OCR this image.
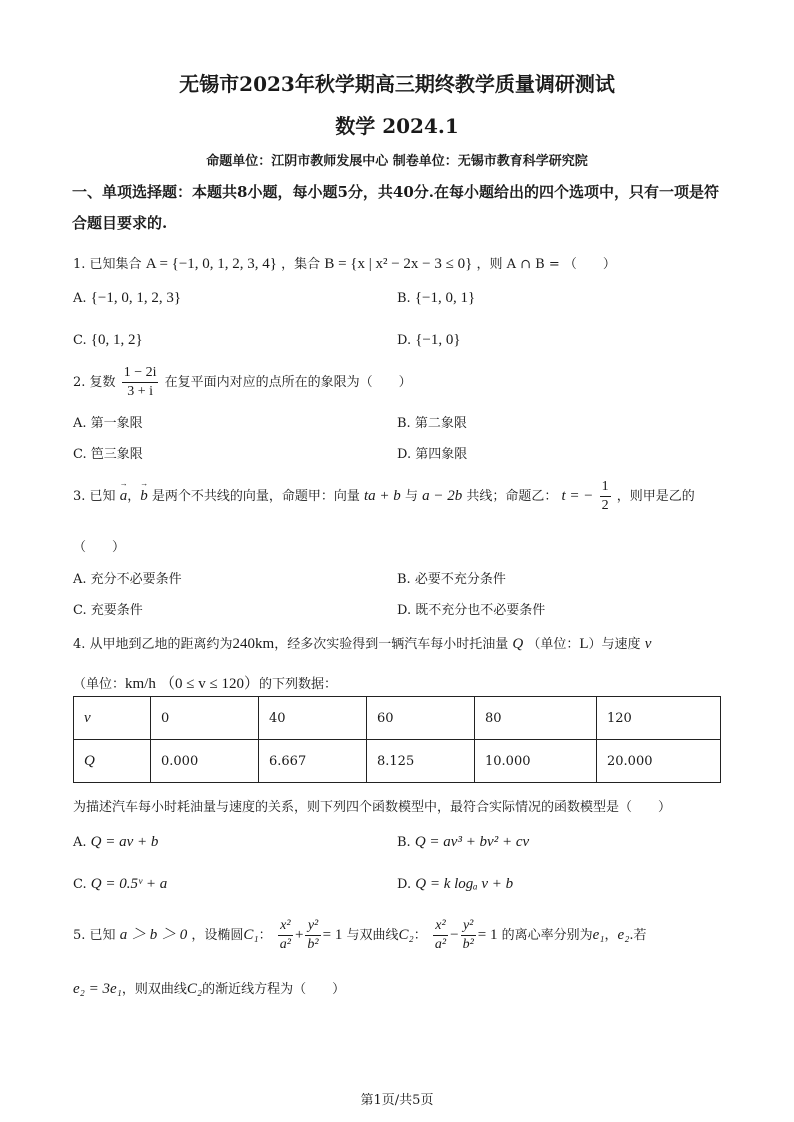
无锡市2023年秋学期高三期终教学质量调研测试
数学 2024.1
命题单位：江阴市教师发展中心 制卷单位：无锡市教育科学研究院
一、单项选择题：本题共8小题，每小题5分，共40分.在每小题给出的四个选项中，只有一项是符合题目要求的.
1. 已知集合 A = {−1, 0, 1, 2, 3, 4} ，集合 B = {x | x² − 2x − 3 ≤ 0} ，则 A ∩ B = （　　）
A. {−1, 0, 1, 2, 3}	B. {−1, 0, 1}
C. {0, 1, 2}	D. {−1, 0}
2. 复数 $\frac{1 - 2i}{3 + i}$ 在复平面内对应的点所在的象限为（　　）
A. 第一象限	B. 第二象限
C. 笆三象限	D. 第四象限
3. 已知 → a，→ b 是两个不共线的向量，命题甲：向量 ta + b 与 a − 2b 共线；命题乙： t = − $\frac{1}{2}$ ，则甲是乙的
（　　）
A. 充分不必要条件	B. 必要不充分条件
C. 充要条件	D. 既不充分也不必要条件
4. 从甲地到乙地的距离约为240km，经多次实验得到一辆汽车每小时托油量 Q （单位：L）与速度 v
（单位：km/h （0 ≤ v ≤ 120）的下列数据：
v	0	40	60	80	120
Q	0.000	6.667	8.125	10.000	20.000
为描述汽车每小时耗油量与速度的关系，则下列四个函数模型中，最符合实际情况的函数模型是（　　）
A. Q = av + b	B. Q = av³ + bv² + cv
C. Q = 0.5ᵛ + a	D. Q = k logₐ v + b
5. 已知 a ＞ b ＞ 0 ，设椭圆C₁： $\frac{\text{x²}}{\text{a²}} + \frac{\text{y²}}{\text{b²}} = 1$ 与双曲线C₂： $\frac{\text{x²}}{\text{a²}} - \frac{\text{y²}}{\text{b²}} = 1$ 的离心率分别为e₁，e₂.若
e₂ = 3e₁，则双曲线C₂的渐近线方程为（　　）
第1页/共5页
